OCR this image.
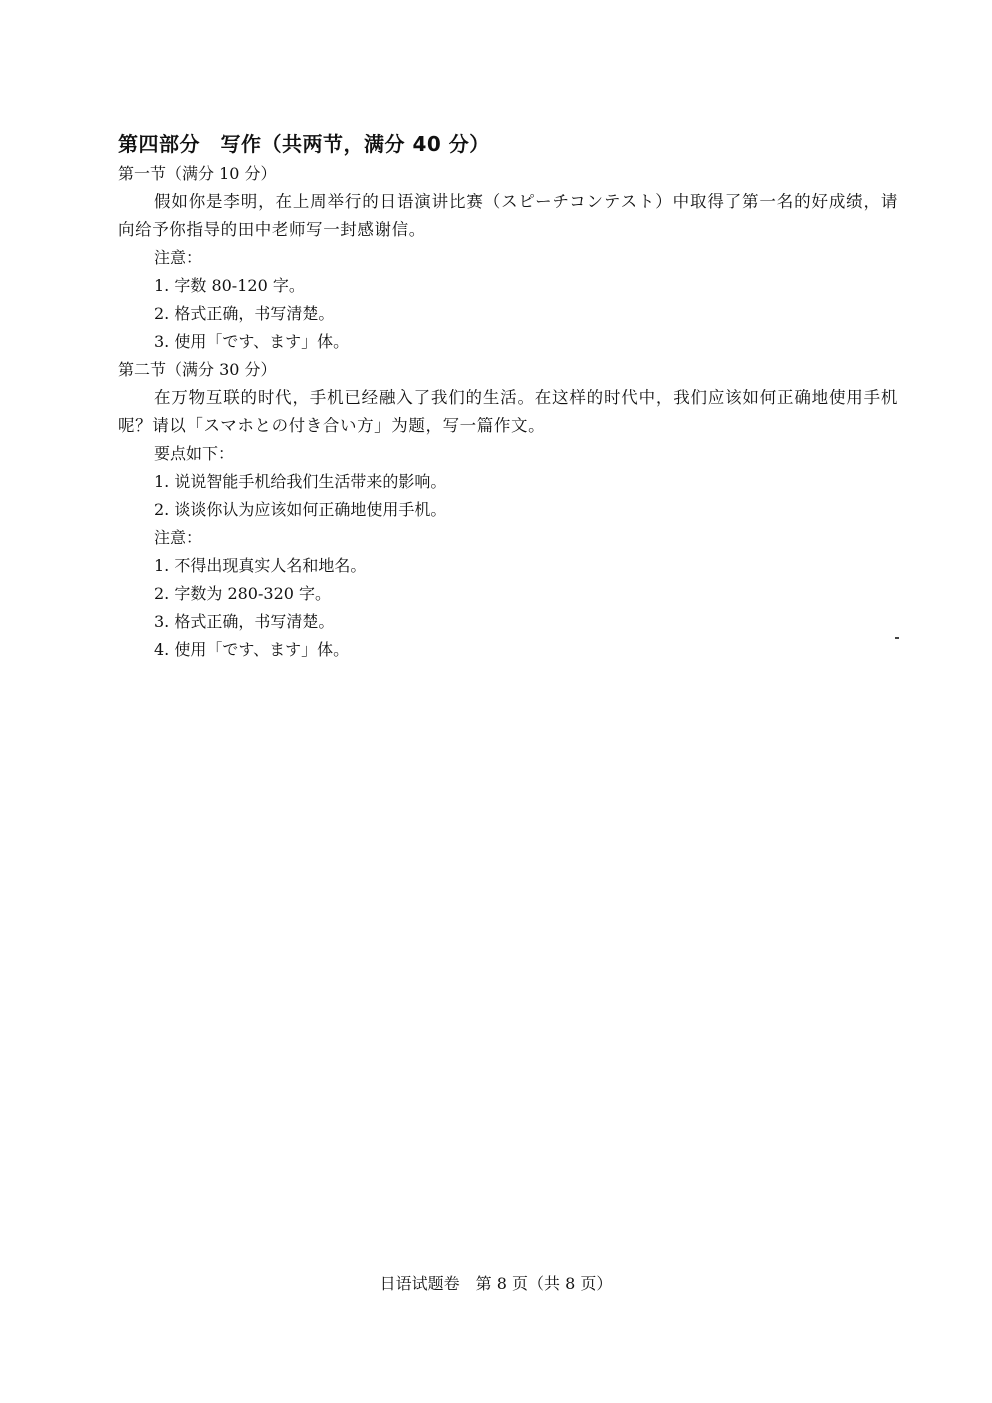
第四部分　写作（共两节，满分 40 分）
第一节（满分 10 分）
假如你是李明，在上周举行的日语演讲比赛（スピーチコンテスト）中取得了第一名的好成绩，请向给予你指导的田中老师写一封感谢信。
注意：
1. 字数 80-120 字。
2. 格式正确，书写清楚。
3. 使用「です、ます」体。
第二节（满分 30 分）
在万物互联的时代，手机已经融入了我们的生活。在这样的时代中，我们应该如何正确地使用手机呢？请以「スマホとの付き合い方」为题，写一篇作文。
要点如下：
1. 说说智能手机给我们生活带来的影响。
2. 谈谈你认为应该如何正确地使用手机。
注意：
1. 不得出现真实人名和地名。
2. 字数为 280-320 字。
3. 格式正确，书写清楚。
4. 使用「です、ます」体。
日语试题卷　第 8 页（共 8 页）
